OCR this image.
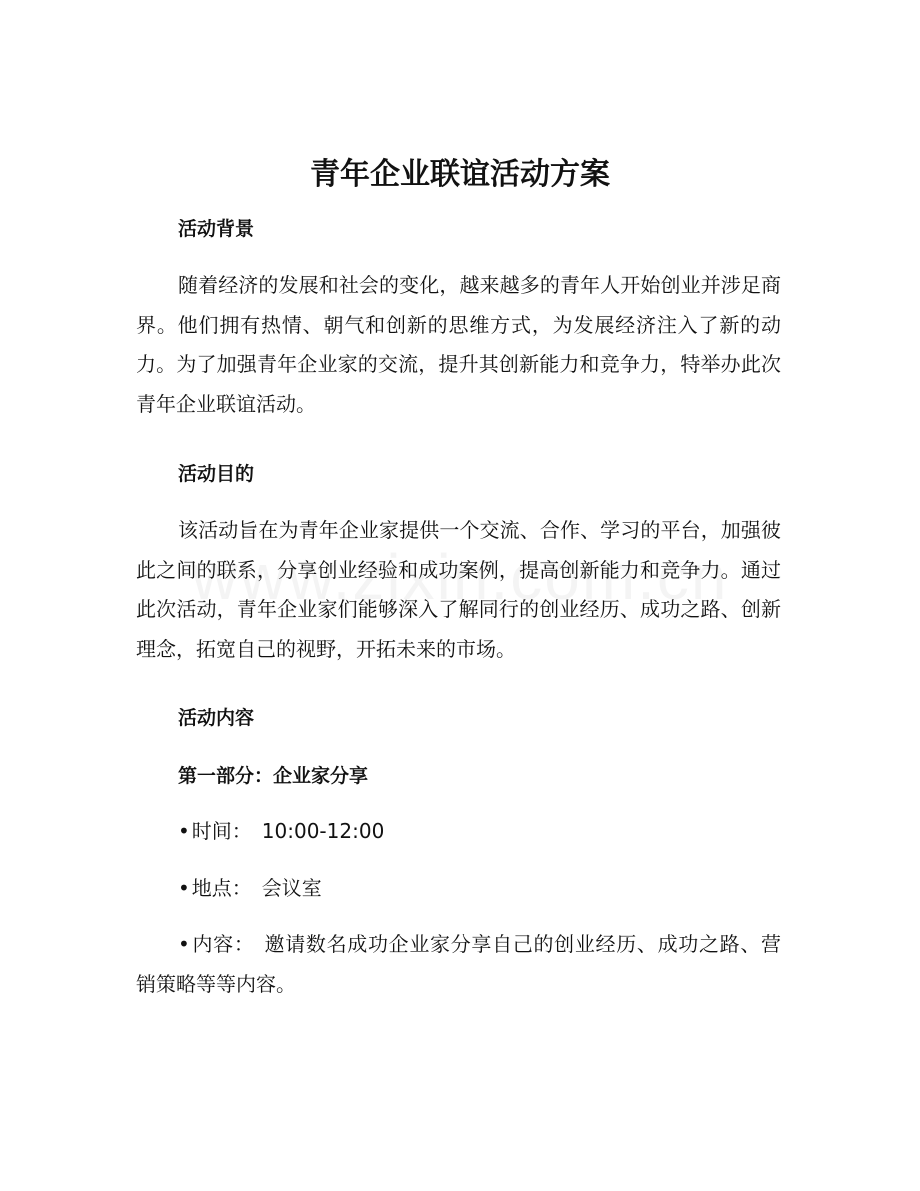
青年企业联谊活动方案
活动背景

随着经济的发展和社会的变化，越来越多的青年人开始创业并涉足商界。他们拥有热情、朝气和创新的思维方式，为发展经济注入了新的动力。为了加强青年企业家的交流，提升其创新能力和竞争力，特举办此次青年企业联谊活动。

活动目的

该活动旨在为青年企业家提供一个交流、合作、学习的平台，加强彼此之间的联系，分享创业经验和成功案例，提高创新能力和竞争力。通过此次活动，青年企业家们能够深入了解同行的创业经历、成功之路、创新理念，拓宽自己的视野，开拓未来的市场。

活动内容
第一部分：企业家分享
• 时间： 10:00-12:00
• 地点： 会议室
• 内容： 邀请数名成功企业家分享自己的创业经历、成功之路、营销策略等等内容。
